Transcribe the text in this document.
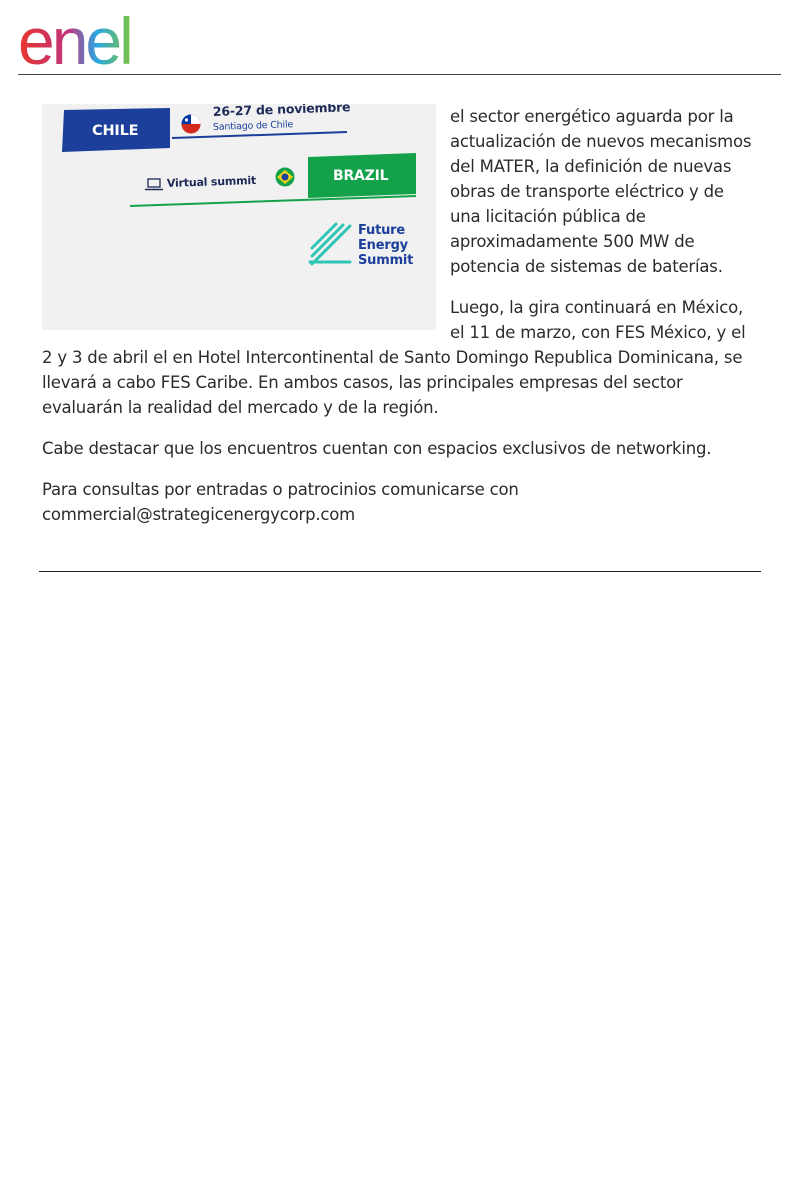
enel
CHILE
26-27 de noviembre
Santiago de Chile
Virtual summit	BRAZIL
Future
Energy
Summit

el sector energético aguarda por la actualización de nuevos mecanismos del MATER, la definición de nuevas obras de transporte eléctrico y de una licitación pública de aproximadamente 500 MW de potencia de sistemas de baterías.

Luego, la gira continuará en México, el 11 de marzo, con FES México, y el 2 y 3 de abril el en Hotel Intercontinental de Santo Domingo Republica Dominicana, se llevará a cabo FES Caribe. En ambos casos, las principales empresas del sector evaluarán la realidad del mercado y de la región.

Cabe destacar que los encuentros cuentan con espacios exclusivos de networking.

Para consultas por entradas o patrocinios comunicarse con commercial@strategicenergycorp.com
